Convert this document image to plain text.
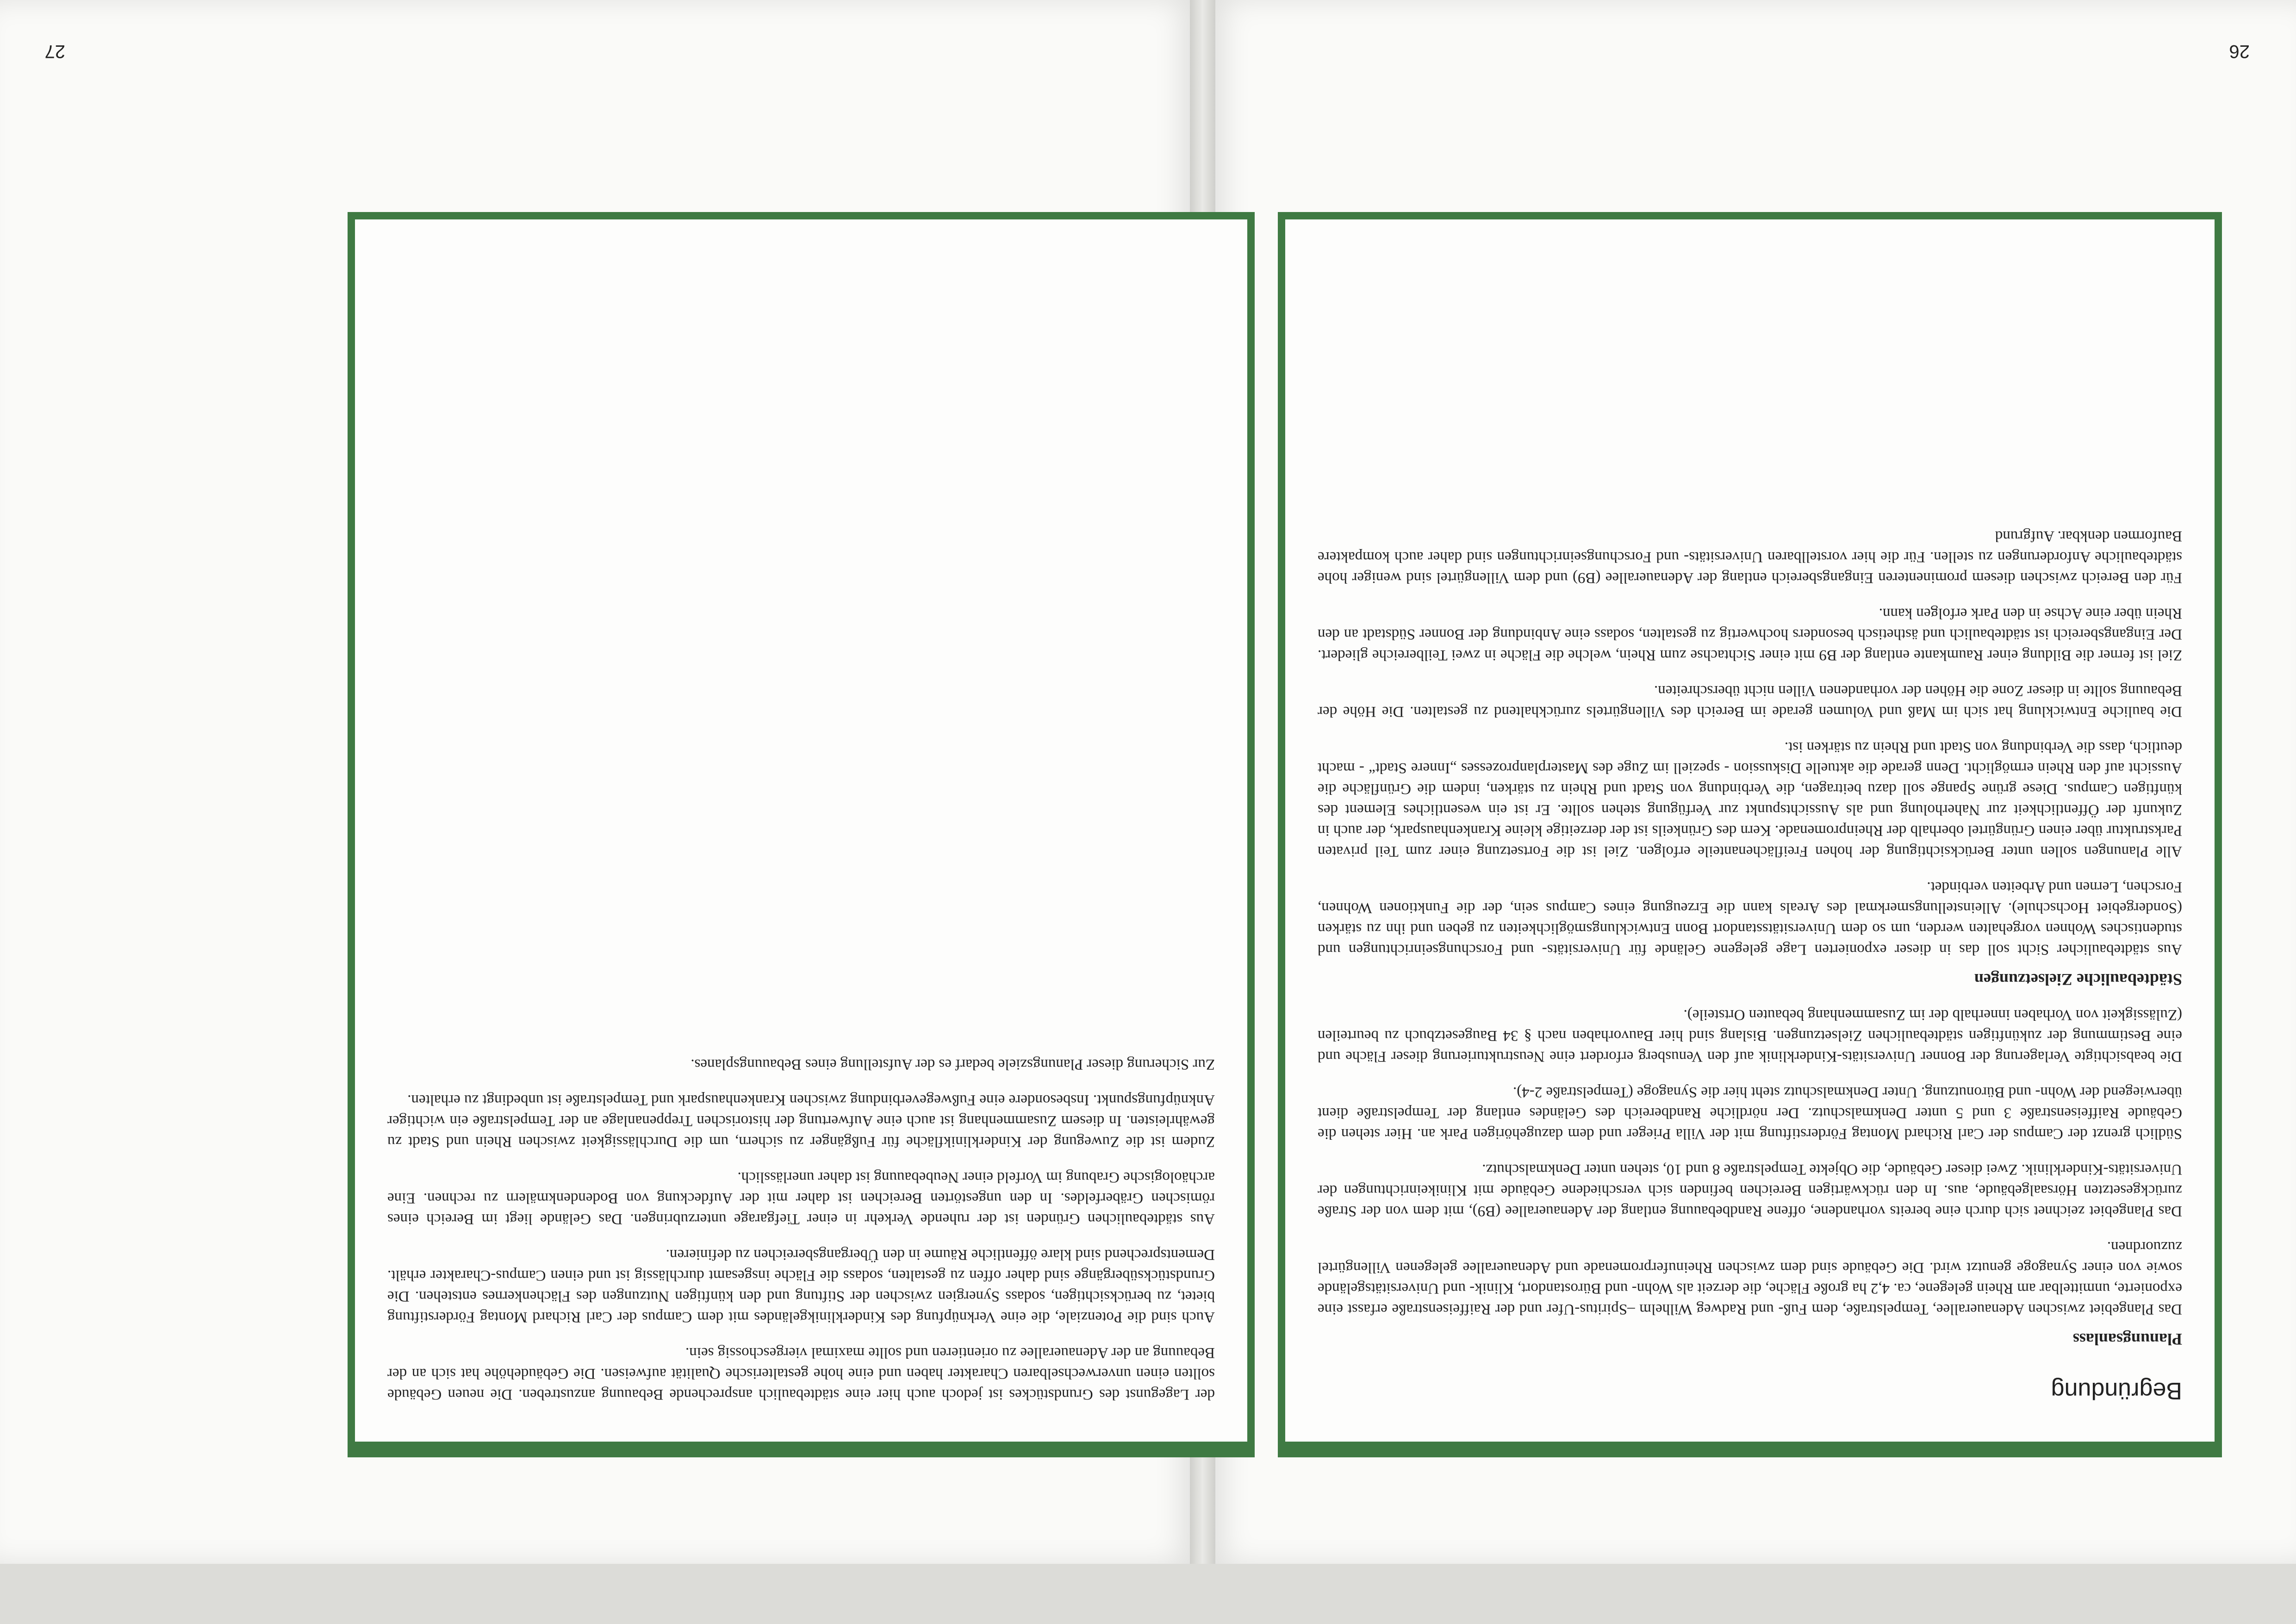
26
27
Begründung
Planungsanlass

Das Plangebiet zwischen Adenauerallee, Tempelstraße, dem Fuß- und Radweg Wilhelm –Spiritus-Ufer und der Raiffeisenstraße erfasst eine exponierte, unmittelbar am Rhein gelegene, ca. 4,2 ha große Fläche, die derzeit als Wohn- und Bürostandort, Klinik- und Universitätsgelände sowie von einer Synagoge genutzt wird. Die Gebäude sind dem zwischen Rheinuferpromenade und Adenauerallee gelegenen Villengürtel zuzuordnen.

Das Plangebiet zeichnet sich durch eine bereits vorhandene, offene Randbebauung entlang der Adenauerallee (B9), mit dem von der Straße zurückgesetzten Hörsaalgebäude, aus. In den rückwärtigen Bereichen befinden sich verschiedene Gebäude mit Klinikeinrichtungen der Universitäts-Kinderklinik. Zwei dieser Gebäude, die Objekte Tempelstraße 8 und 10, stehen unter Denkmalschutz.

Südlich grenzt der Campus der Carl Richard Montag Förderstiftung mit der Villa Prieger und dem dazugehörigen Park an. Hier stehen die Gebäude Raiffeisenstraße 3 und 5 unter Denkmalschutz. Der nördliche Randbereich des Geländes entlang der Tempelstraße dient überwiegend der Wohn- und Büronutzung. Unter Denkmalschutz steht hier die Synagoge (Tempelstraße 2-4).

Die beabsichtigte Verlagerung der Bonner Universitäts-Kinderklinik auf den Venusberg erfordert eine Neustrukturierung dieser Fläche und eine Bestimmung der zukünftigen städtebaulichen Zielsetzungen. Bislang sind hier Bauvorhaben nach § 34 Baugesetzbuch zu beurteilen (Zulässigkeit von Vorhaben innerhalb der im Zusammenhang bebauten Ortsteile).

Städtebauliche Zielsetzungen

Aus städtebaulicher Sicht soll das in dieser exponierten Lage gelegene Gelände für Universitäts- und Forschungseinrichtungen und studentisches Wohnen vorgehalten werden, um so dem Universitätsstandort Bonn Entwicklungsmöglichkeiten zu geben und ihn zu stärken (Sondergebiet Hochschule). Alleinstellungsmerkmal des Areals kann die Erzeugung eines Campus sein, der die Funktionen Wohnen, Forschen, Lernen und Arbeiten verbindet.

Alle Planungen sollen unter Berücksichtigung der hohen Freiflächenanteile erfolgen. Ziel ist die Fortsetzung einer zum Teil privaten Parkstruktur über einen Grüngürtel oberhalb der Rheinpromenade. Kern des Grünkeils ist der derzeitige kleine Krankenhauspark, der auch in Zukunft der Öffentlichkeit zur Naherholung und als Aussichtspunkt zur Verfügung stehen sollte. Er ist ein wesentliches Element des künftigen Campus. Diese grüne Spange soll dazu beitragen, die Verbindung von Stadt und Rhein zu stärken, indem die Grünfläche die Aussicht auf den Rhein ermöglicht. Denn gerade die aktuelle Diskussion - speziell im Zuge des Masterplanprozesses „Innere Stadt“ - macht deutlich, dass die Verbindung von Stadt und Rhein zu stärken ist.

Die bauliche Entwicklung hat sich im Maß und Volumen gerade im Bereich des Villengürtels zurückhaltend zu gestalten. Die Höhe der Bebauung sollte in dieser Zone die Höhen der vorhandenen Villen nicht überschreiten.

Ziel ist ferner die Bildung einer Raumkante entlang der B9 mit einer Sichtachse zum Rhein, welche die Fläche in zwei Teilbereiche gliedert. Der Eingangsbereich ist städtebaulich und ästhetisch besonders hochwertig zu gestalten, sodass eine Anbindung der Bonner Südstadt an den Rhein über eine Achse in den Park erfolgen kann.

Für den Bereich zwischen diesem prominenteren Eingangsbereich entlang der Adenauerallee (B9) und dem Villengürtel sind weniger hohe städtebauliche Anforderungen zu stellen. Für die hier vorstellbaren Universitäts- und Forschungseinrichtungen sind daher auch kompaktere Bauformen denkbar. Aufgrund

der Lagegunst des Grundstückes ist jedoch auch hier eine städtebaulich ansprechende Bebauung anzustreben. Die neuen Gebäude sollten einen unverwechselbaren Charakter haben und eine hohe gestalterische Qualität aufweisen. Die Gebäudehöhe hat sich an der Bebauung an der Adenauerallee zu orientieren und sollte maximal viergeschossig sein.

Auch sind die Potenziale, die eine Verknüpfung des Kinderklinikgeländes mit dem Campus der Carl Richard Montag Förderstiftung bietet, zu berücksichtigen, sodass Synergien zwischen der Stiftung und den künftigen Nutzungen des Flächenkernes entstehen. Die Grundstücksübergänge sind daher offen zu gestalten, sodass die Fläche insgesamt durchlässig ist und einen Campus-Charakter erhält. Dementsprechend sind klare öffentliche Räume in den Übergangsbereichen zu definieren.

Aus städtebaulichen Gründen ist der ruhende Verkehr in einer Tiefgarage unterzubringen. Das Gelände liegt im Bereich eines römischen Gräberfeldes. In den ungestörten Bereichen ist daher mit der Aufdeckung von Bodendenkmälern zu rechnen. Eine archäologische Grabung im Vorfeld einer Neubebauung ist daher unerlässlich.

Zudem ist die Zuwegung der Kinderklinikfläche für Fußgänger zu sichern, um die Durchlässigkeit zwischen Rhein und Stadt zu gewährleisten. In diesem Zusammenhang ist auch eine Aufwertung der historischen Treppenanlage an der Tempelstraße ein wichtiger Anknüpfungspunkt. Insbesondere eine Fußwegeverbindung zwischen Krankenhauspark und Tempelstraße ist unbedingt zu erhalten.

Zur Sicherung dieser Planungsziele bedarf es der Aufstellung eines Bebauungsplanes.
